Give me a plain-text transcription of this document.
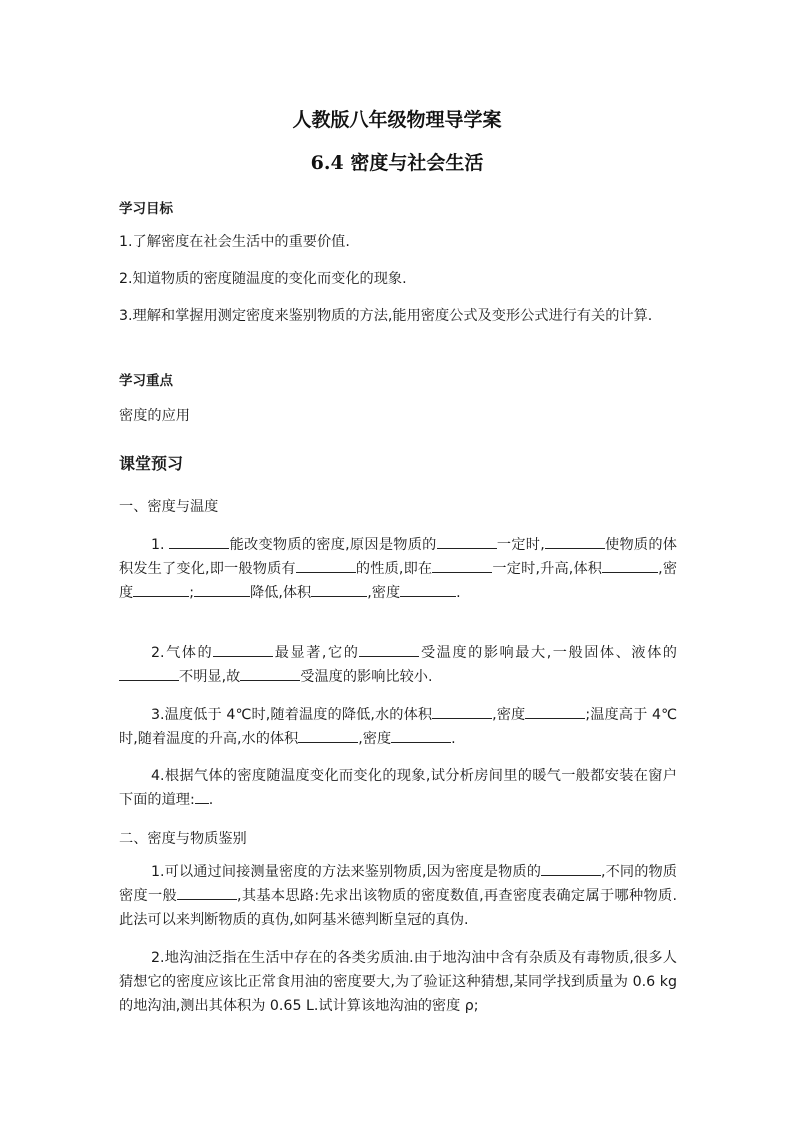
人教版八年级物理导学案
6.4 密度与社会生活
学习目标
1.了解密度在社会生活中的重要价值.
2.知道物质的密度随温度的变化而变化的现象.
3.理解和掌握用测定密度来鉴别物质的方法,能用密度公式及变形公式进行有关的计算.
学习重点
密度的应用
课堂预习
一、密度与温度
1.	能改变物质的密度,原因是物质的	一定时,	使物质的体积发生了变化,即一般物质有	的性质,即在	一定时,升高,体积	,密度	;	降低,体积	,密度	.
2.气体的	最显著,它的	受温度的影响最大,一般固体、液体的不明显,故	受温度的影响比较小.
3.温度低于 4℃时,随着温度的降低,水的体积	,密度	;温度高于 4℃时,随着温度的升高,水的体积	,密度	.
4.根据气体的密度随温度变化而变化的现象,试分析房间里的暖气一般都安装在窗户下面的道理: .
二、密度与物质鉴别
1.可以通过间接测量密度的方法来鉴别物质,因为密度是物质的	,不同的物质密度一般	,其基本思路:先求出该物质的密度数值,再查密度表确定属于哪种物质.此法可以来判断物质的真伪,如阿基米德判断皇冠的真伪.
2.地沟油泛指在生活中存在的各类劣质油.由于地沟油中含有杂质及有毒物质,很多人猜想它的密度应该比正常食用油的密度要大,为了验证这种猜想,某同学找到质量为 0.6 kg 的地沟油,测出其体积为 0.65 L.试计算该地沟油的密度 ρ;
